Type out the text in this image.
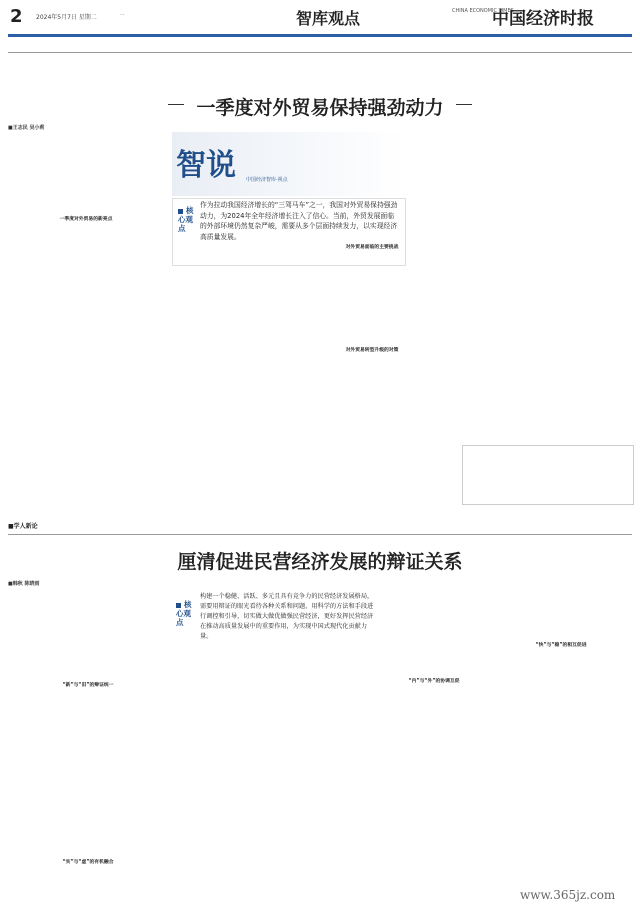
2 2024年5月7日 星期二	...	智库观点	CHINA ECONOMIC TIMES
中国经济时报
一季度对外贸易保持强劲动力
■王志民 吴小莉
一季度对外贸易的新亮点
智说 中国经济智库·视点
核心观点
作为拉动我国经济增长的“三驾马车”之一，我国对外贸易保持强劲动力，为2024年全年经济增长注入了信心。当前，外贸发展面临的外部环境仍然复杂严峻，需要从多个层面持续发力，以实现经济高质量发展。
对外贸易面临的主要挑战
对外贸易转型升级的对策
■学人新论
厘清促进民营经济发展的辩证关系
■韩秋 陈晓雨
“新”与“旧”的辩证统一
“实”与“虚”的有机融合
核心观点
构建一个稳健、活跃、多元且具有竞争力的民营经济发展格局，需要用辩证的眼光看待各种关系和问题，用科学的方法和手段进行调控和引导，切实做大做优做强民营经济，更好发挥民营经济在推动高质量发展中的重要作用，为实现中国式现代化贡献力量。
“内”与“外”的协调互促
“快”与“稳”的相互促进
www.365jz.com
